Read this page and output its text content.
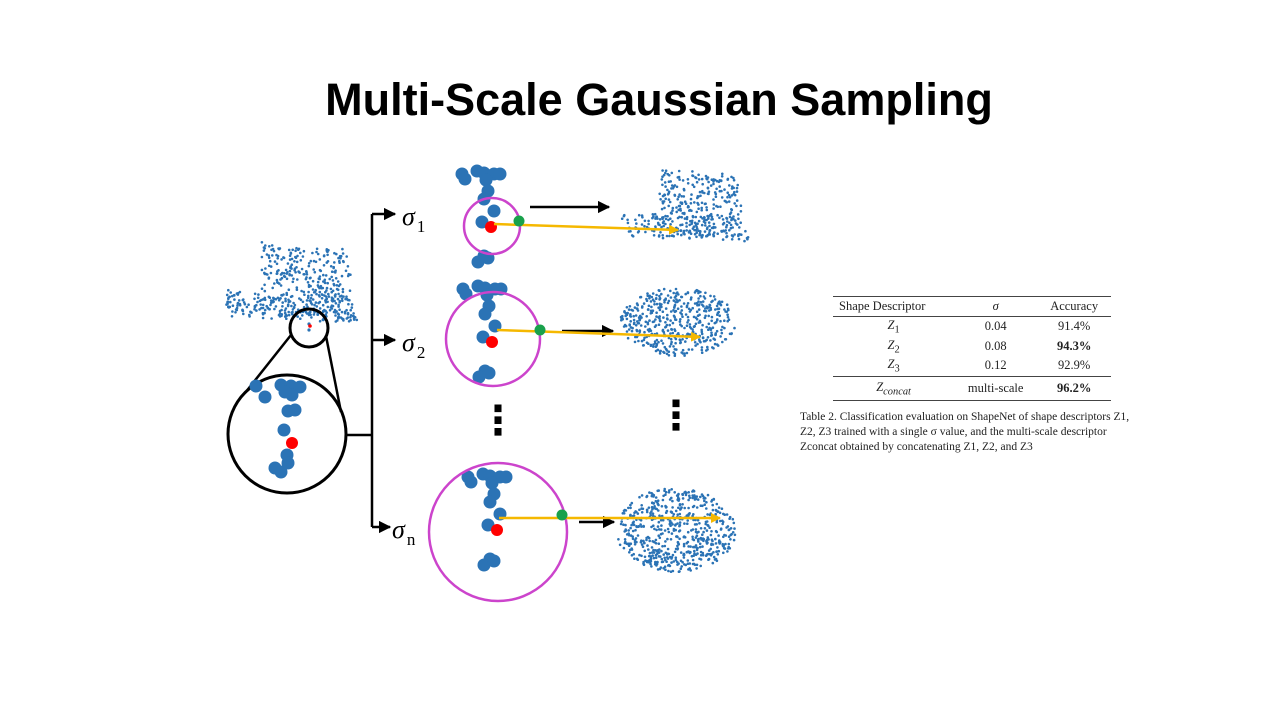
Multi-Scale Gaussian Sampling
σ 1
σ 2
σn
⋮	⋮
Shape Descriptor	σ	Accuracy
$Z_1$	0.04	91.4%
$Z_2$	0.08	94.3%
$Z_3$	0.12	92.9%
$Z_{concat}$	multi-scale	96.2%
Table 2. Classification evaluation on ShapeNet of shape descriptors Z1, Z2, Z3 trained with a single σ value, and the multi-scale descriptor Zconcat obtained by concatenating Z1, Z2, and Z3
